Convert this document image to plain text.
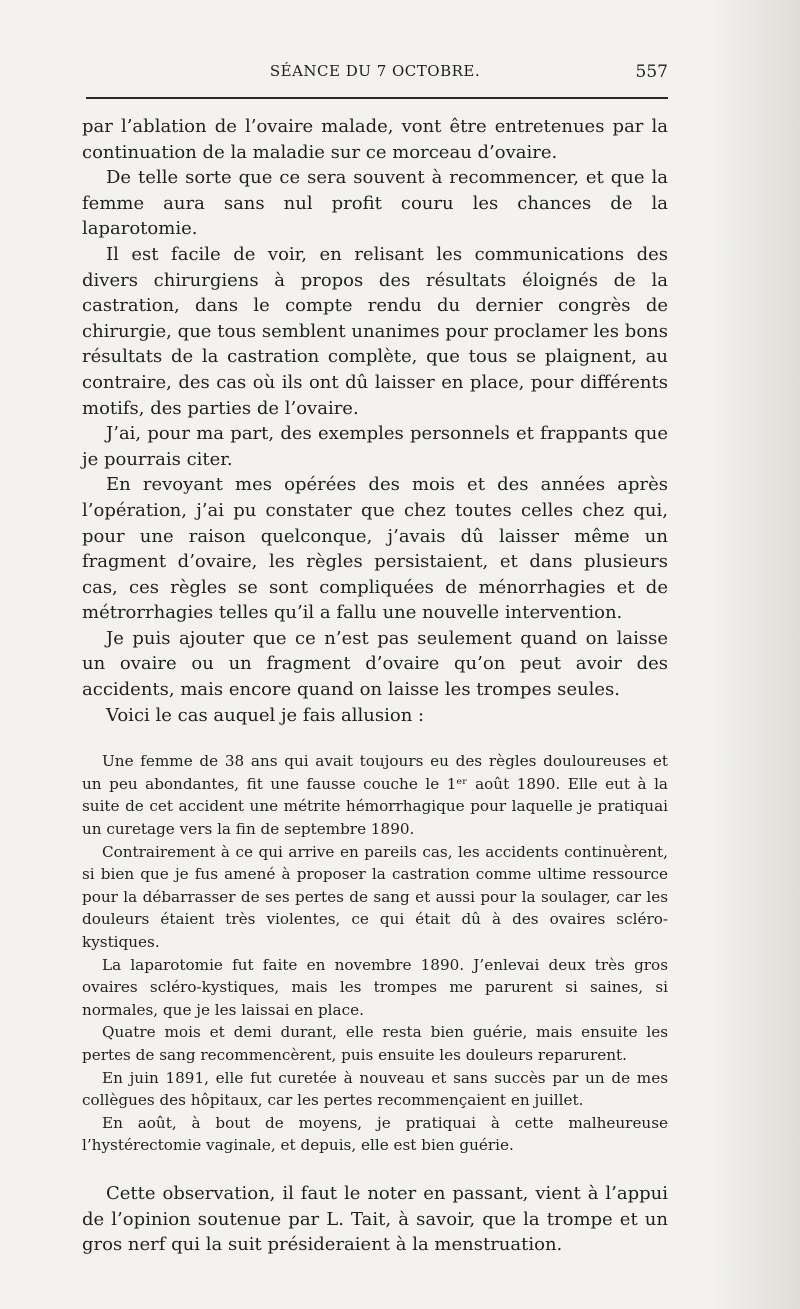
SÉANCE DU 7 OCTOBRE.	557

par l’ablation de l’ovaire malade, vont être entretenues par la continuation de la maladie sur ce morceau d’ovaire.

De telle sorte que ce sera souvent à recommencer, et que la femme aura sans nul profit couru les chances de la laparotomie.

Il est facile de voir, en relisant les communications des divers chirurgiens à propos des résultats éloignés de la castration, dans le compte rendu du dernier congrès de chirurgie, que tous semblent unanimes pour proclamer les bons résultats de la castration complète, que tous se plaignent, au contraire, des cas où ils ont dû laisser en place, pour différents motifs, des parties de l’ovaire.

J’ai, pour ma part, des exemples personnels et frappants que je pourrais citer.

En revoyant mes opérées des mois et des années après l’opération, j’ai pu constater que chez toutes celles chez qui, pour une raison quelconque, j’avais dû laisser même un fragment d’ovaire, les règles persistaient, et dans plusieurs cas, ces règles se sont compliquées de ménorrhagies et de métrorrhagies telles qu’il a fallu une nouvelle intervention.

Je puis ajouter que ce n’est pas seulement quand on laisse un ovaire ou un fragment d’ovaire qu’on peut avoir des accidents, mais encore quand on laisse les trompes seules.

Voici le cas auquel je fais allusion :

Une femme de 38 ans qui avait toujours eu des règles douloureuses et un peu abondantes, fit une fausse couche le 1ᵉʳ août 1890. Elle eut à la suite de cet accident une métrite hémorrhagique pour laquelle je pratiquai un curetage vers la fin de septembre 1890.

Contrairement à ce qui arrive en pareils cas, les accidents continuèrent, si bien que je fus amené à proposer la castration comme ultime ressource pour la débarrasser de ses pertes de sang et aussi pour la soulager, car les douleurs étaient très violentes, ce qui était dû à des ovaires scléro-kystiques.

La laparotomie fut faite en novembre 1890. J’enlevai deux très gros ovaires scléro-kystiques, mais les trompes me parurent si saines, si normales, que je les laissai en place.

Quatre mois et demi durant, elle resta bien guérie, mais ensuite les pertes de sang recommencèrent, puis ensuite les douleurs reparurent.

En juin 1891, elle fut curetée à nouveau et sans succès par un de mes collègues des hôpitaux, car les pertes recommençaient en juillet.

En août, à bout de moyens, je pratiquai à cette malheureuse l’hystérectomie vaginale, et depuis, elle est bien guérie.

Cette observation, il faut le noter en passant, vient à l’appui de l’opinion soutenue par L. Tait, à savoir, que la trompe et un gros nerf qui la suit présideraient à la menstruation.
